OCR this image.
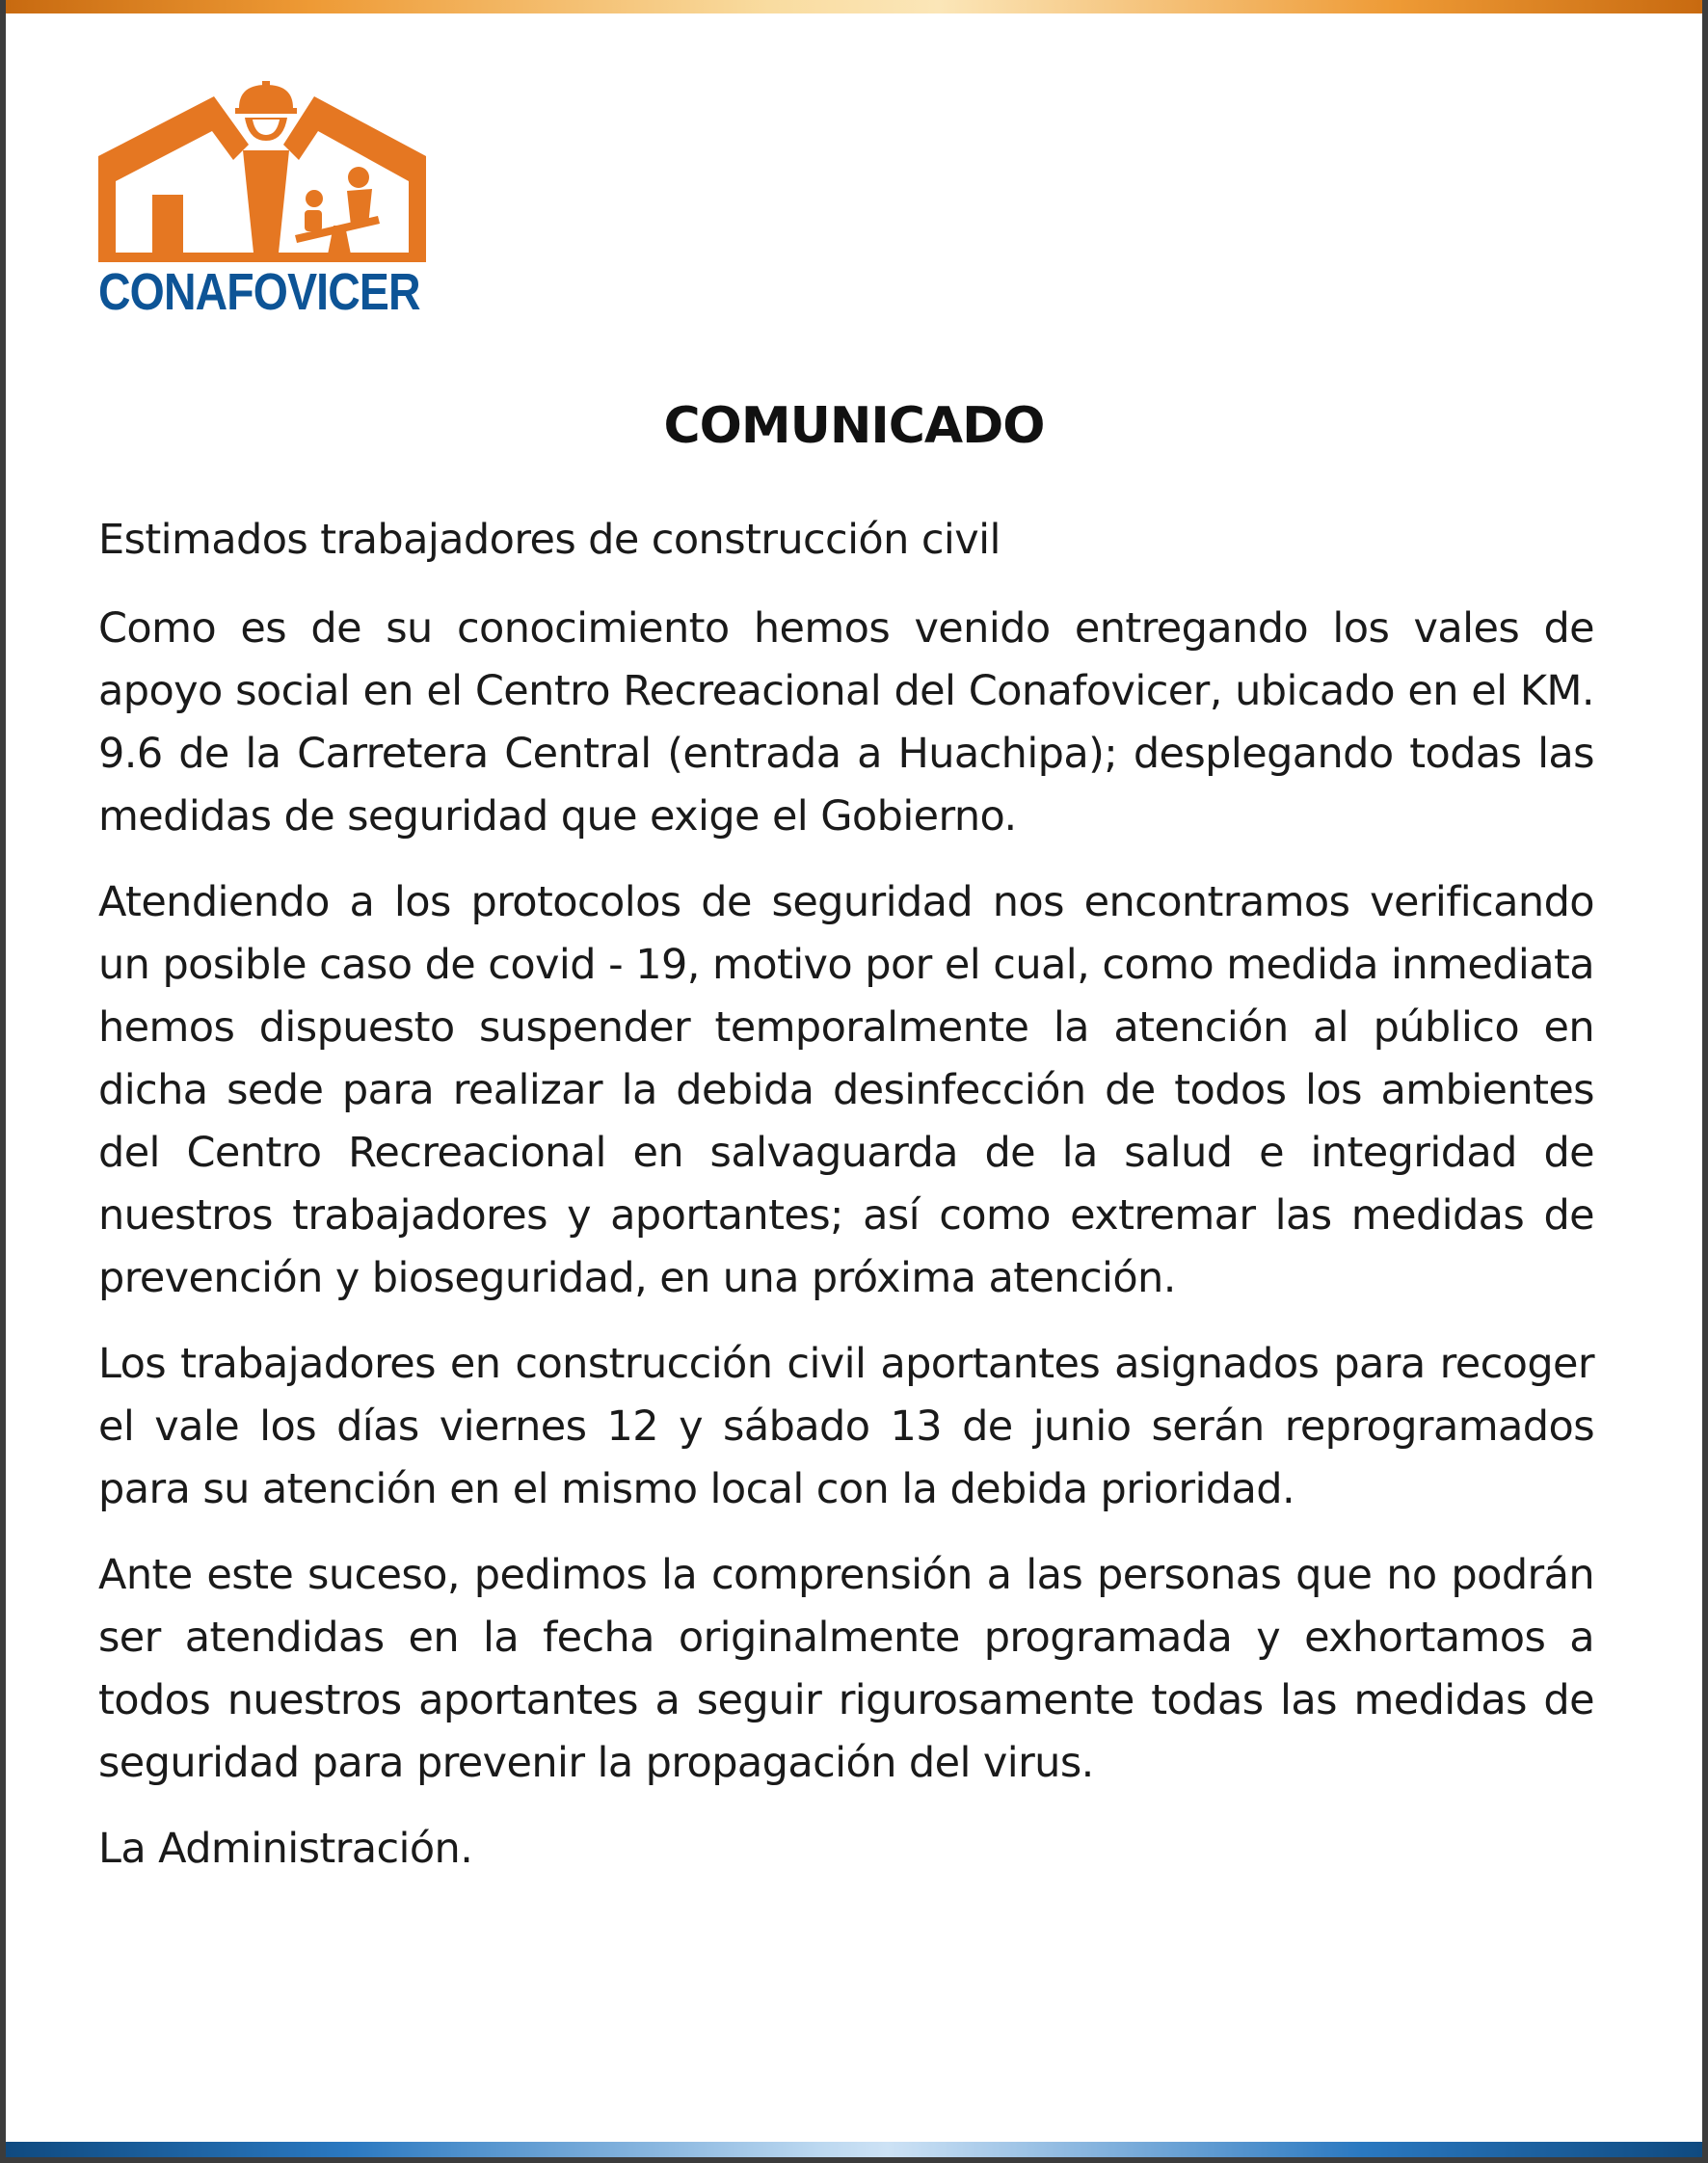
CONAFOVICER
COMUNICADO

Estimados trabajadores de construcción civil

Como es de su conocimiento hemos venido entregando los vales de apoyo social en el Centro Recreacional del Conafovicer, ubicado en el KM. 9.6 de la Carretera Central (entrada a Huachipa); desplegando todas las medidas de seguridad que exige el Gobierno.

Atendiendo a los protocolos de seguridad nos encontramos verificando un posible caso de covid - 19, motivo por el cual, como medida inmediata hemos dispuesto suspender temporalmente la atención al público en dicha sede para realizar la debida desinfección de todos los ambientes del Centro Recreacional en salvaguarda de la salud e integridad de nuestros trabajadores y aportantes; así como extremar las medidas de prevención y bioseguridad, en una próxima atención.

Los trabajadores en construcción civil aportantes asignados para recoger el vale los días viernes 12 y sábado 13 de junio serán reprogramados para su atención en el mismo local con la debida prioridad.

Ante este suceso, pedimos la comprensión a las personas que no podrán ser atendidas en la fecha originalmente programada y exhortamos a todos nuestros aportantes a seguir rigurosamente todas las medidas de seguridad para prevenir la propagación del virus.

La Administración.
